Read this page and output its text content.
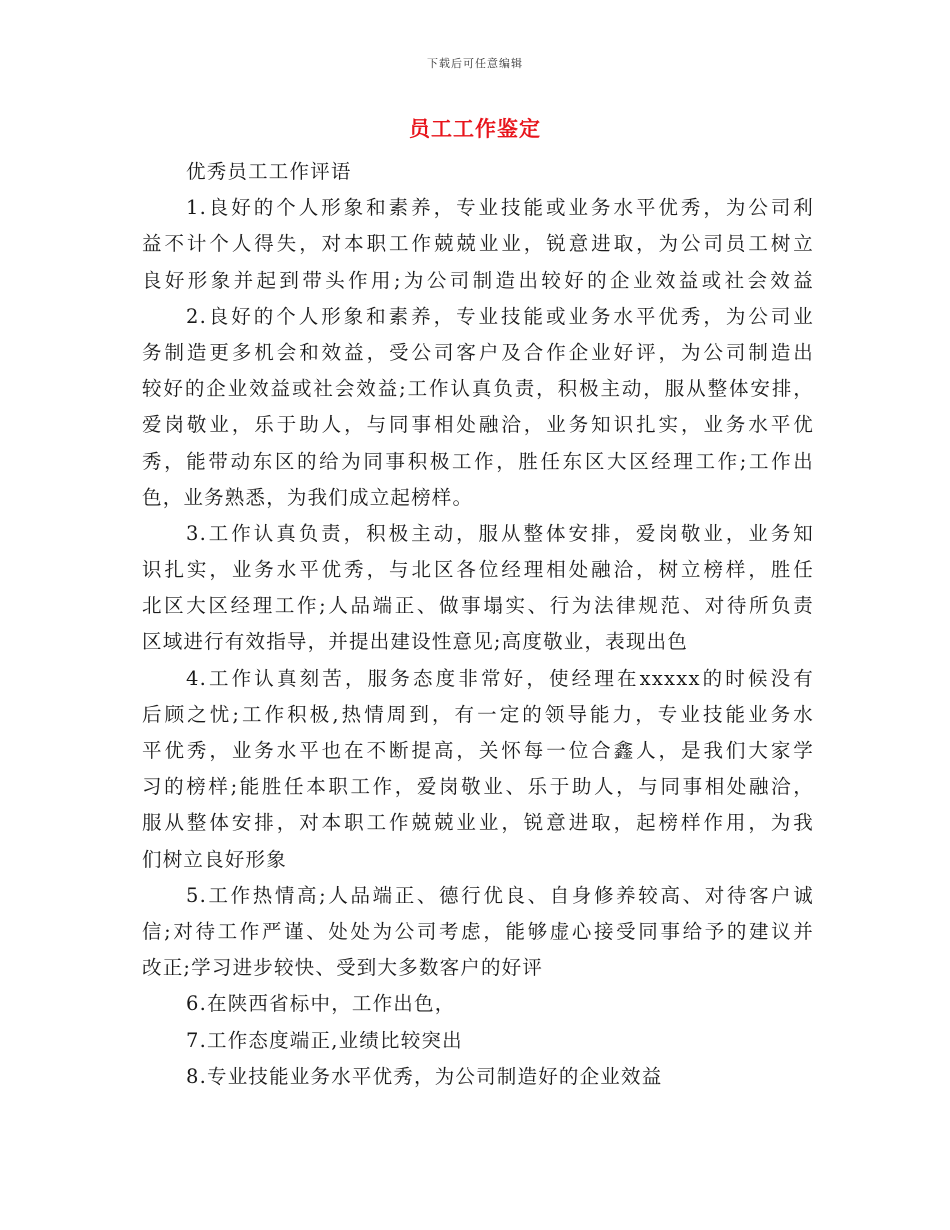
下载后可任意编辑
员工工作鉴定
优秀员工工作评语
1.良好的个人形象和素养，专业技能或业务水平优秀，为公司利
益不计个人得失，对本职工作兢兢业业，锐意进取，为公司员工树立
良好形象并起到带头作用;为公司制造出较好的企业效益或社会效益
2.良好的个人形象和素养，专业技能或业务水平优秀，为公司业
务制造更多机会和效益，受公司客户及合作企业好评，为公司制造出
较好的企业效益或社会效益;工作认真负责，积极主动，服从整体安排，
爱岗敬业，乐于助人，与同事相处融洽，业务知识扎实，业务水平优
秀，能带动东区的给为同事积极工作，胜任东区大区经理工作;工作出
色，业务熟悉，为我们成立起榜样。
3.工作认真负责，积极主动，服从整体安排，爱岗敬业，业务知
识扎实，业务水平优秀，与北区各位经理相处融洽，树立榜样，胜任
北区大区经理工作;人品端正、做事塌实、行为法律规范、对待所负责
区域进行有效指导，并提出建设性意见;高度敬业，表现出色
4.工作认真刻苦，服务态度非常好，使经理在xxxxx的时候没有
后顾之忧;工作积极,热情周到，有一定的领导能力，专业技能业务水
平优秀，业务水平也在不断提高，关怀每一位合鑫人，是我们大家学
习的榜样;能胜任本职工作，爱岗敬业、乐于助人，与同事相处融洽，
服从整体安排，对本职工作兢兢业业，锐意进取，起榜样作用，为我
们树立良好形象
5.工作热情高;人品端正、德行优良、自身修养较高、对待客户诚
信;对待工作严谨、处处为公司考虑，能够虚心接受同事给予的建议并
改正;学习进步较快、受到大多数客户的好评
6.在陕西省标中，工作出色，
7.工作态度端正,业绩比较突出
8.专业技能业务水平优秀，为公司制造好的企业效益
